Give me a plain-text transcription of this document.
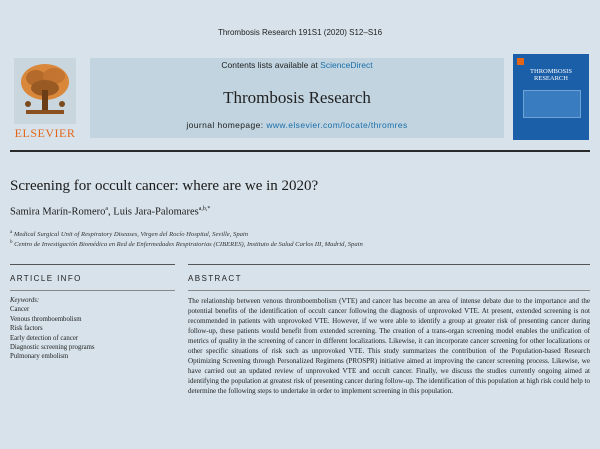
Thrombosis Research 191S1 (2020) S12–S16
ELSEVIER
Contents lists available at ScienceDirect
Thrombosis Research
journal homepage: www.elsevier.com/locate/thromres
THROMBOSIS RESEARCH
Screening for occult cancer: where are we in 2020?
Samira Marín-Romero$^a$, Luis Jara-Palomares$^{a,b,*}$
$^a$ Medical Surgical Unit of Respiratory Diseases, Virgen del Rocío Hospital, Seville, Spain
$^b$ Centro de Investigación Biomédica en Red de Enfermedades Respiratorias (CIBERES), Instituto de Salud Carlos III, Madrid, Spain
ARTICLE INFO	ABSTRACT
Keywords:
Cancer
Venous thromboembolism
Risk factors
Early detection of cancer
Diagnostic screening programs
Pulmonary embolism
The relationship between venous thromboembolism (VTE) and cancer has become an area of intense debate due to the importance and the potential benefits of the identification of occult cancer following the diagnosis of unprovoked VTE. At present, extended screening is not recommended in patients with unprovoked VTE. However, if we were able to identify a group at greater risk of presenting cancer during follow-up, these patients would benefit from extended screening. The creation of a trans-organ screening model enables the unification of metrics of quality in the screening of cancer in different localizations. Likewise, it can incorporate cancer screening for other localizations or other specific situations of risk such as unprovoked VTE. This study summarizes the contribution of the Population-based Research Optimizing Screening through Personalized Regimens (PROSPR) initiative aimed at improving the cancer screening process. Likewise, we have carried out an updated review of unprovoked VTE and occult cancer. Finally, we discuss the studies currently ongoing aimed at identifying the population at greatest risk of presenting cancer during follow-up. The identification of this population at high risk could help to determine the following steps to undertake in order to implement screening in this population.
